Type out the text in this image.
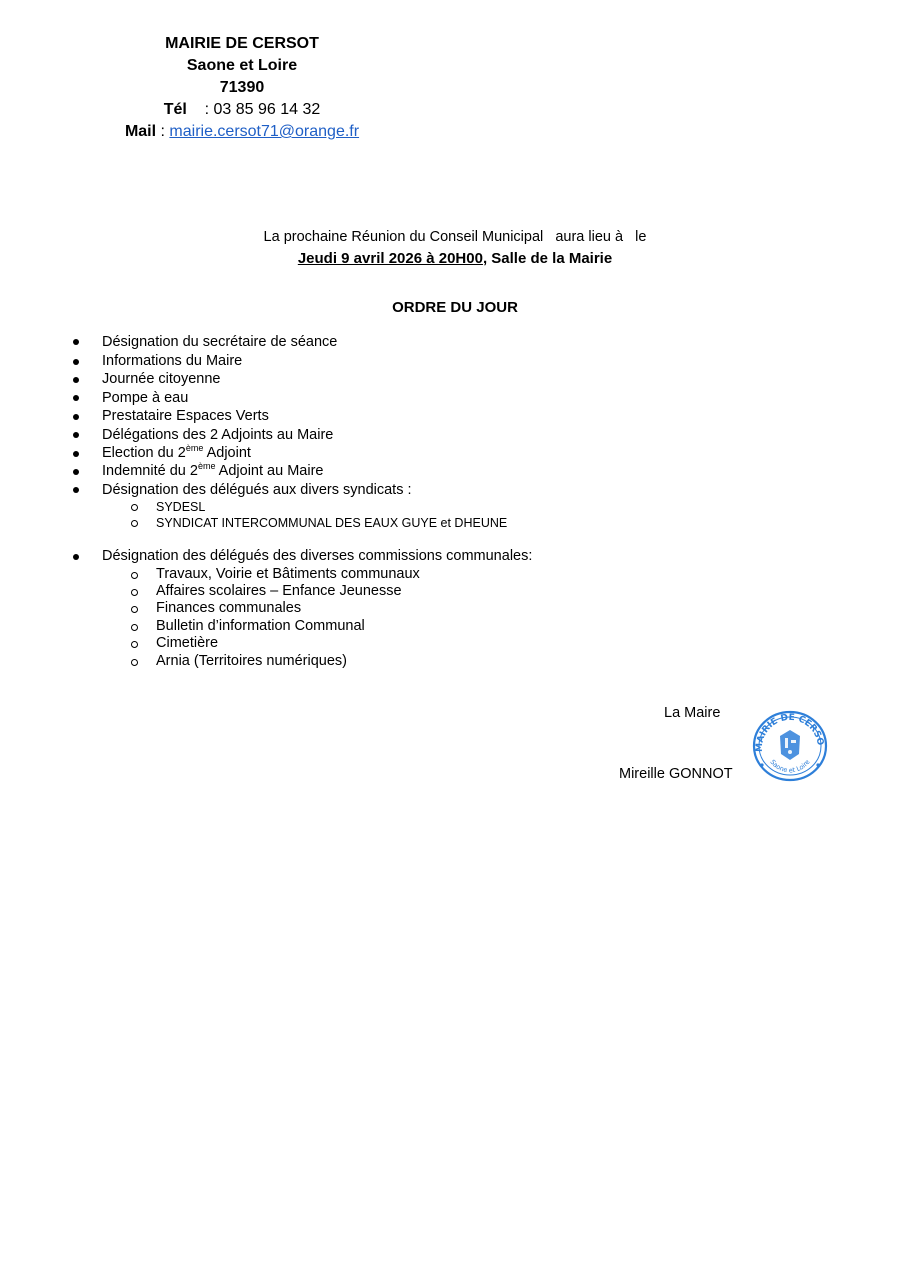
MAIRIE DE CERSOT
Saone et Loire
71390
Tél : 03 85 96 14 32
Mail : mairie.cersot71@orange.fr
La prochaine Réunion du Conseil Municipal   aura lieu à   le
Jeudi 9 avril 2026 à 20H00, Salle de la Mairie
ORDRE DU JOUR
Désignation du secrétaire de séance
Informations du Maire
Journée citoyenne
Pompe à eau
Prestataire Espaces Verts
Délégations des 2 Adjoints au Maire
Election du 2ème Adjoint
Indemnité du 2ème Adjoint au Maire
Désignation des délégués aux divers syndicats :
SYDESL
SYNDICAT INTERCOMMUNAL DES EAUX GUYE et DHEUNE
Désignation des délégués des diverses commissions communales:
Travaux, Voirie et Bâtiments communaux
Affaires scolaires – Enfance Jeunesse
Finances communales
Bulletin d’information Communal
Cimetière
Arnia (Territoires numériques)
La Maire
Mireille GONNOT
MAIRIE DE CERSO
Saone et Loire
